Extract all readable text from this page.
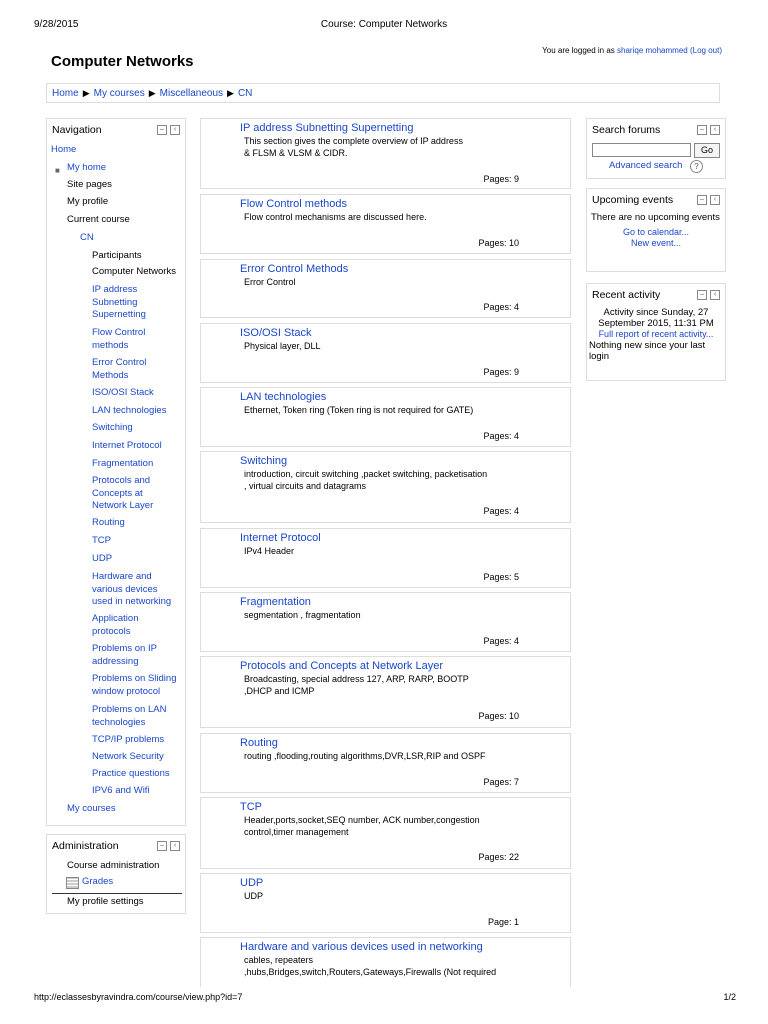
9/28/2015	Course: Computer Networks
http://eclassesbyravindra.com/course/view.php?id=7	1/2
Computer Networks
You are logged in as shariqe mohammed (Log out)
Home ▶ My courses ▶ Miscellaneous ▶ CN
Navigation	–	‹
Home
■ My home
Site pages
My profile
Current course
CN
Participants
Computer Networks
IP address Subnetting Supernetting
Flow Control methods
Error Control Methods
ISO/OSI Stack
LAN technologies
Switching
Internet Protocol
Fragmentation
Protocols and Concepts at Network Layer
Routing
TCP
UDP
Hardware and various devices used in networking
Application protocols
Problems on IP addressing
Problems on Sliding window protocol
Problems on LAN technologies
TCP/IP problems
Network Security
Practice questions
IPV6 and Wifi
My courses
Administration	–	‹
Course administration
Grades
My profile settings
IP address Subnetting Supernetting
This section gives the complete overview of IP address
& FLSM & VLSM & CIDR.
Pages: 9
Flow Control methods
Flow control mechanisms are discussed here.
Pages: 10
Error Control Methods
Error Control
Pages: 4
ISO/OSI Stack
Physical layer, DLL
Pages: 9
LAN technologies
Ethernet, Token ring (Token ring is not required for GATE)
Pages: 4
Switching
introduction, circuit switching ,packet switching, packetisation
, virtual circuits and datagrams
Pages: 4
Internet Protocol
IPv4 Header
Pages: 5
Fragmentation
segmentation , fragmentation
Pages: 4
Protocols and Concepts at Network Layer
Broadcasting, special address 127, ARP, RARP, BOOTP
,DHCP and ICMP
Pages: 10
Routing
routing ,flooding,routing algorithms,DVR,LSR,RIP and OSPF
Pages: 7
TCP
Header,ports,socket,SEQ number, ACK number,congestion
control,timer management
Pages: 22
UDP
UDP
Page: 1
Hardware and various devices used in networking
cables, repeaters
,hubs,Bridges,switch,Routers,Gateways,Firewalls (Not required
Search forums	–	‹
Go
Advanced search	?
Upcoming events	–	‹
There are no upcoming events
Go to calendar...
New event...
Recent activity	–	‹
Activity since Sunday, 27 September 2015, 11:31 PM
Full report of recent activity...
Nothing new since your last login
